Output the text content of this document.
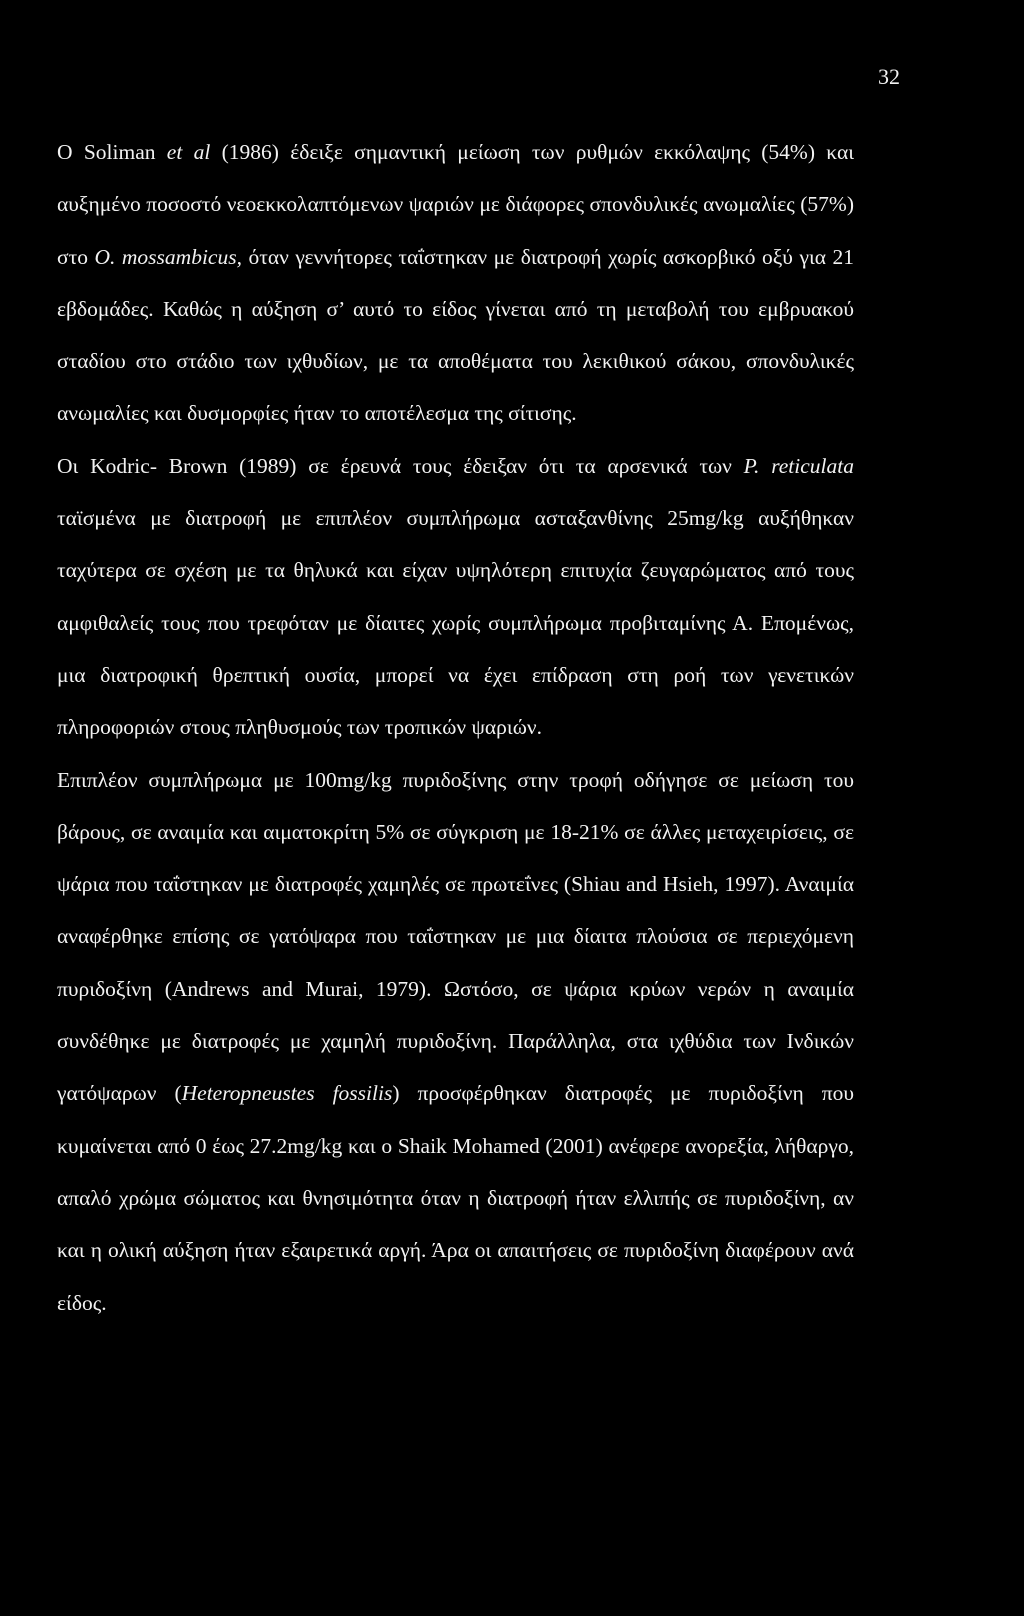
32

Ο Soliman et al (1986) έδειξε σημαντική μείωση των ρυθμών εκκόλαψης (54%) και αυξημένο ποσοστό νεοεκκολαπτόμενων ψαριών με διάφορες σπονδυλικές ανωμαλίες (57%) στο O. mossambicus, όταν γεννήτορες ταΐστηκαν με διατροφή χωρίς ασκορβικό οξύ για 21 εβδομάδες. Καθώς η αύξηση σ’ αυτό το είδος γίνεται από τη μεταβολή του εμβρυακού σταδίου στο στάδιο των ιχθυδίων, με τα αποθέματα του λεκιθικού σάκου, σπονδυλικές ανωμαλίες και δυσμορφίες ήταν το αποτέλεσμα της σίτισης.

Οι Kodric- Brown (1989) σε έρευνά τους έδειξαν ότι τα αρσενικά των P. reticulata ταϊσμένα με διατροφή με επιπλέον συμπλήρωμα ασταξανθίνης 25mg/kg αυξήθηκαν ταχύτερα σε σχέση με τα θηλυκά και είχαν υψηλότερη επιτυχία ζευγαρώματος από τους αμφιθαλείς τους που τρεφόταν με δίαιτες χωρίς συμπλήρωμα προβιταμίνης Α. Επομένως, μια διατροφική θρεπτική ουσία, μπορεί να έχει επίδραση στη ροή των γενετικών πληροφοριών στους πληθυσμούς των τροπικών ψαριών.

Επιπλέον συμπλήρωμα με 100mg/kg πυριδοξίνης στην τροφή οδήγησε σε μείωση του βάρους, σε αναιμία και αιματοκρίτη 5% σε σύγκριση με 18-21% σε άλλες μεταχειρίσεις, σε ψάρια που ταΐστηκαν με διατροφές χαμηλές σε πρωτεΐνες (Shiau and Hsieh, 1997). Αναιμία αναφέρθηκε επίσης σε γατόψαρα που ταΐστηκαν με μια δίαιτα πλούσια σε περιεχόμενη πυριδοξίνη (Andrews and Murai, 1979). Ωστόσο, σε ψάρια κρύων νερών η αναιμία συνδέθηκε με διατροφές με χαμηλή πυριδοξίνη. Παράλληλα, στα ιχθύδια των Ινδικών γατόψαρων (Heteropneustes fossilis) προσφέρθηκαν διατροφές με πυριδοξίνη που κυμαίνεται από 0 έως 27.2mg/kg και ο Shaik Mohamed (2001) ανέφερε ανορεξία, λήθαργο, απαλό χρώμα σώματος και θνησιμότητα όταν η διατροφή ήταν ελλιπής σε πυριδοξίνη, αν και η ολική αύξηση ήταν εξαιρετικά αργή. Άρα οι απαιτήσεις σε πυριδοξίνη διαφέρουν ανά είδος.
